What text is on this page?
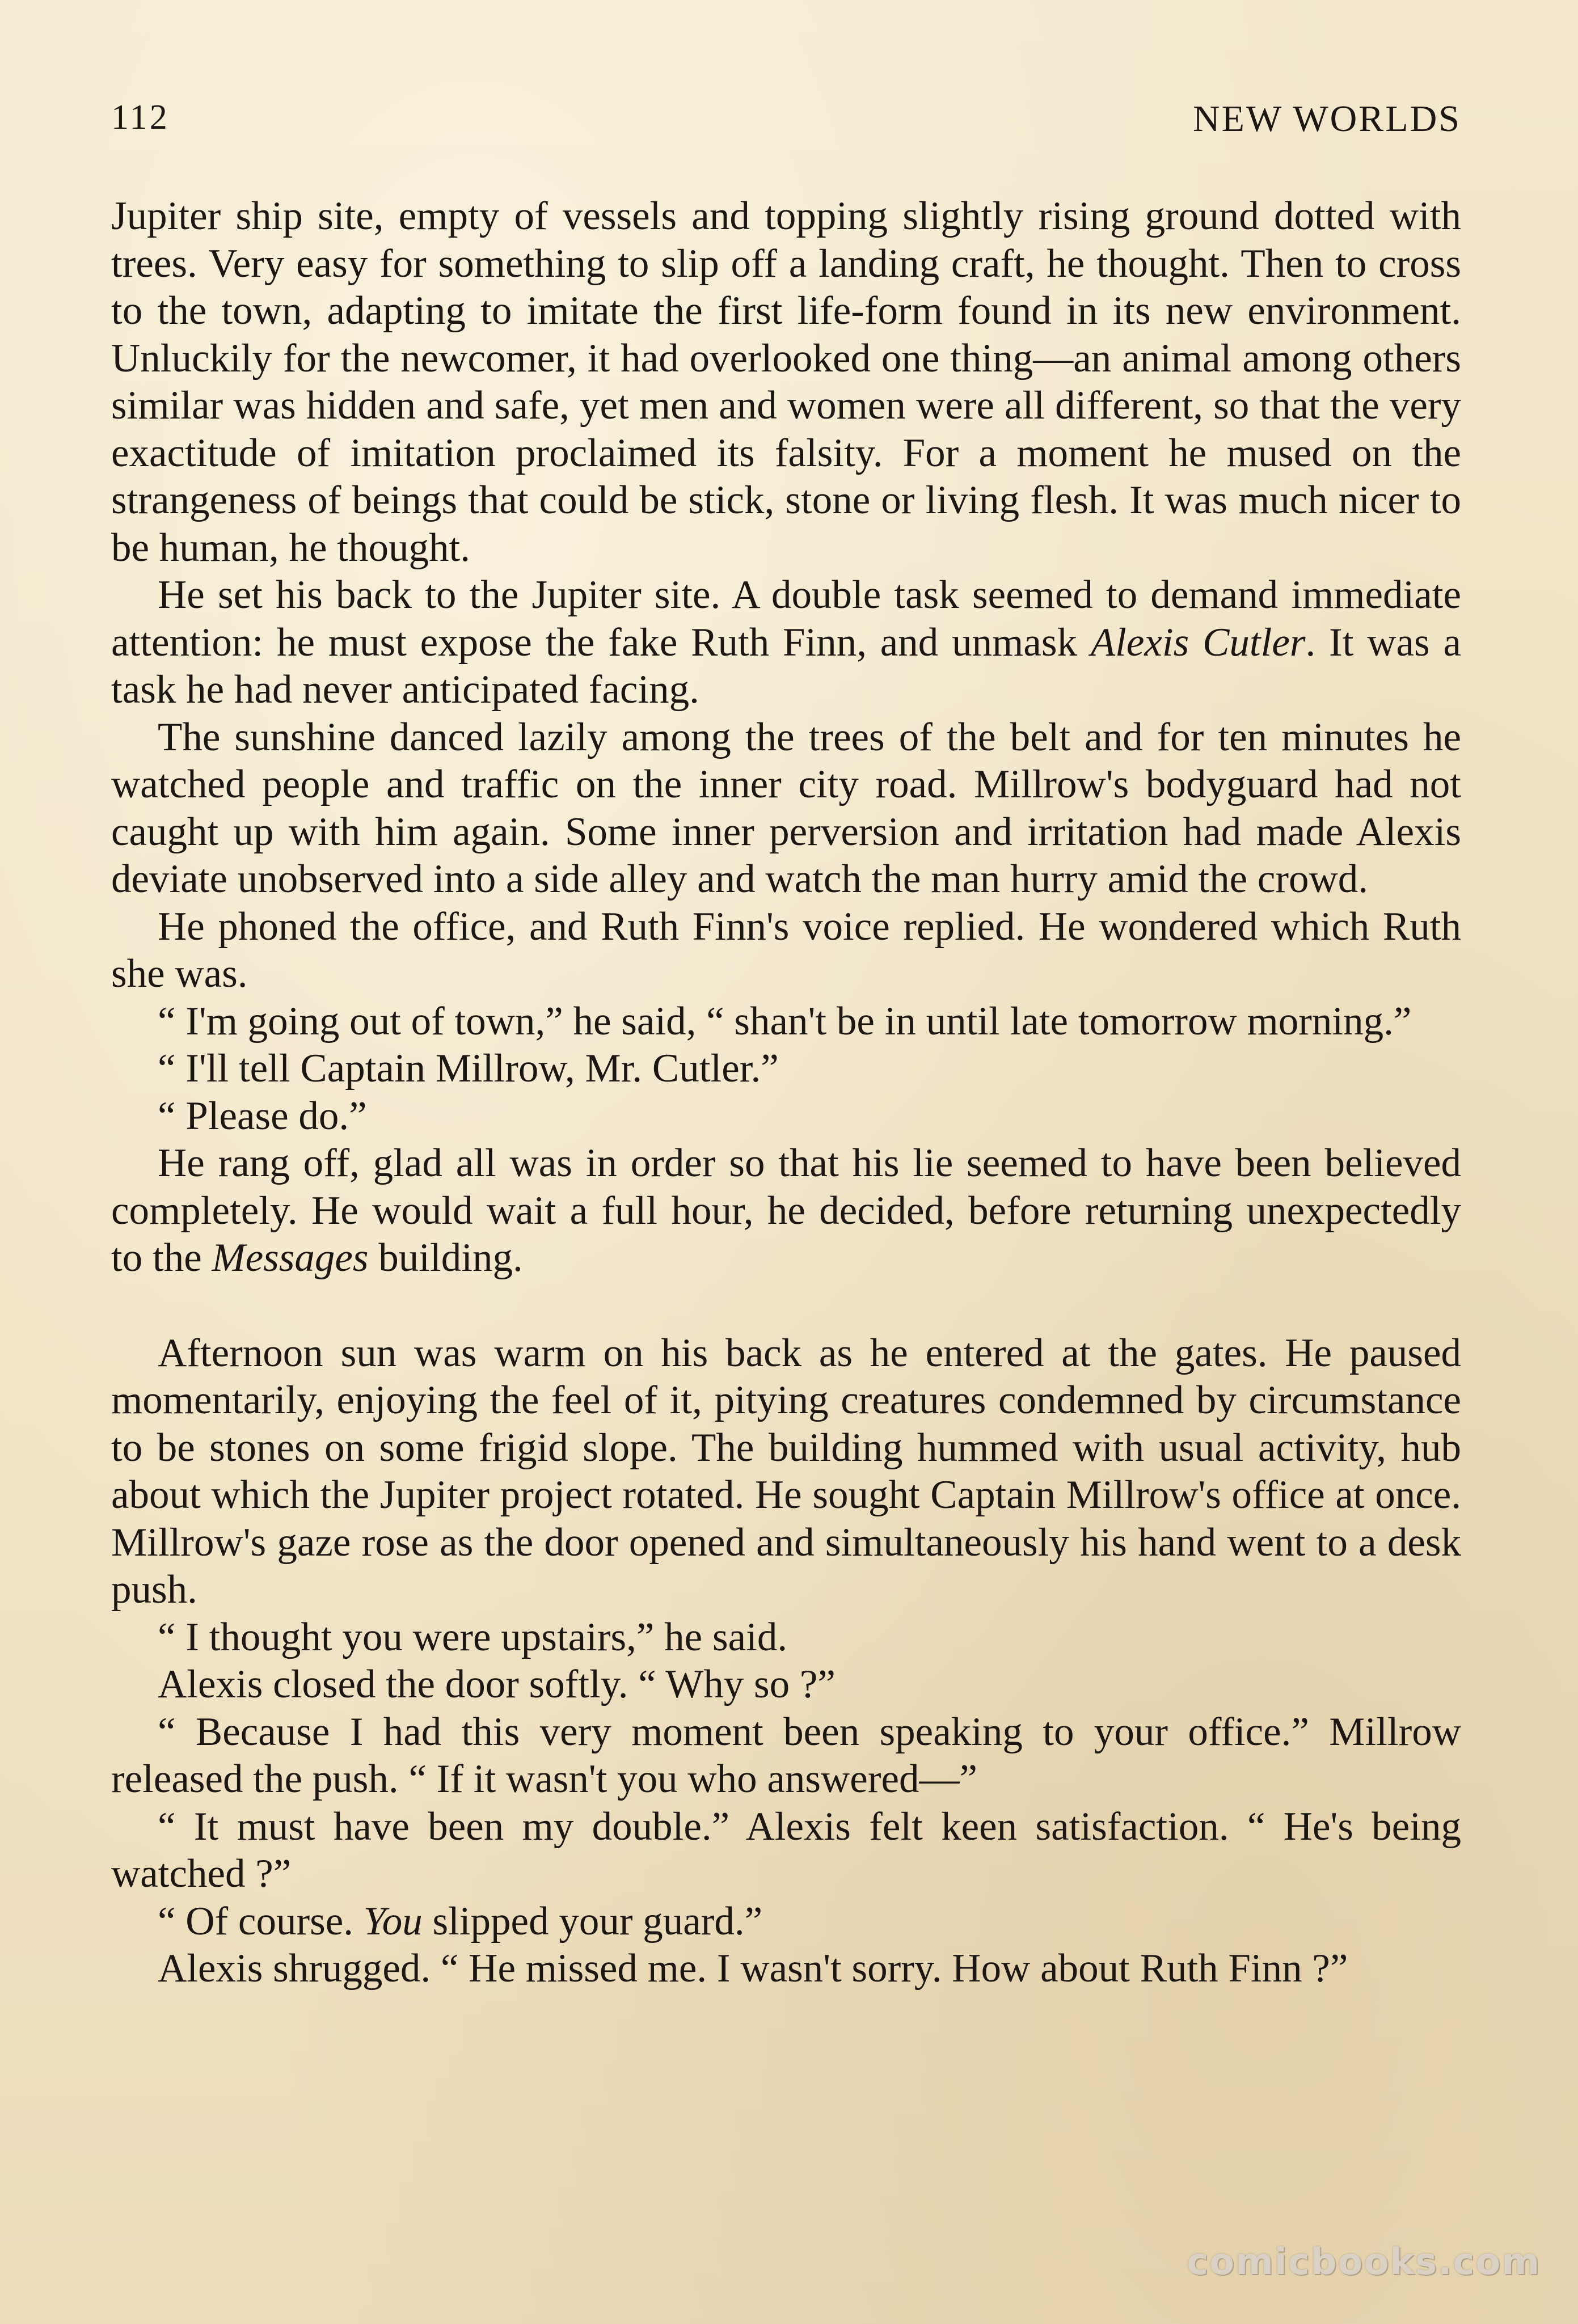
112	NEW WORLDS

Jupiter ship site, empty of vessels and topping slightly rising ground dotted with trees. Very easy for something to slip off a landing craft, he thought. Then to cross to the town, adapting to imitate the first life-form found in its new environment. Unluckily for the newcomer, it had overlooked one thing—an animal among others similar was hidden and safe, yet men and women were all different, so that the very exactitude of imitation proclaimed its falsity. For a moment he mused on the strangeness of beings that could be stick, stone or living flesh. It was much nicer to be human, he thought.

He set his back to the Jupiter site. A double task seemed to demand immediate attention: he must expose the fake Ruth Finn, and unmask Alexis Cutler. It was a task he had never anticipated facing.

The sunshine danced lazily among the trees of the belt and for ten minutes he watched people and traffic on the inner city road. Millrow's bodyguard had not caught up with him again. Some inner perversion and irritation had made Alexis deviate unobserved into a side alley and watch the man hurry amid the crowd.

He phoned the office, and Ruth Finn's voice replied. He wondered which Ruth she was.

“ I'm going out of town,” he said, “ shan't be in until late tomorrow morning.”

“ I'll tell Captain Millrow, Mr. Cutler.”

“ Please do.”

He rang off, glad all was in order so that his lie seemed to have been believed completely. He would wait a full hour, he decided, before returning unexpectedly to the Messages building.

Afternoon sun was warm on his back as he entered at the gates. He paused momentarily, enjoying the feel of it, pitying creatures condemned by circumstance to be stones on some frigid slope. The building hummed with usual activity, hub about which the Jupiter project rotated. He sought Captain Millrow's office at once. Millrow's gaze rose as the door opened and simultaneously his hand went to a desk push.

“ I thought you were upstairs,” he said.

Alexis closed the door softly. “ Why so ?”

“ Because I had this very moment been speaking to your office.” Millrow released the push. “ If it wasn't you who answered—”

“ It must have been my double.” Alexis felt keen satisfaction. “ He's being watched ?”

“ Of course. You slipped your guard.”

Alexis shrugged. “ He missed me. I wasn't sorry. How about Ruth Finn ?”

comicbooks.com
